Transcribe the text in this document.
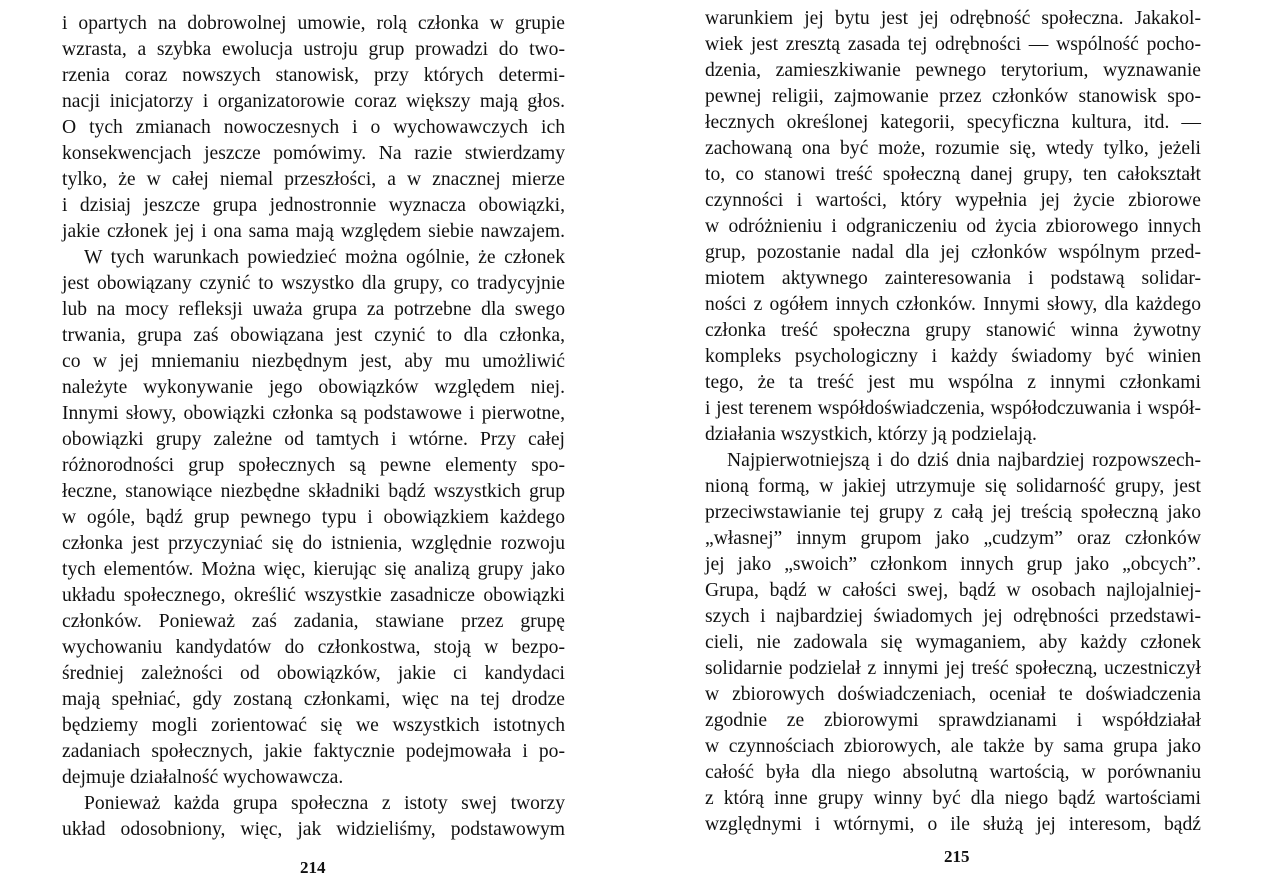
i opartych na dobrowolnej umowie, rolą członka w grupie
wzrasta, a szybka ewolucja ustroju grup prowadzi do two-
rzenia coraz nowszych stanowisk, przy których determi-
nacji inicjatorzy i organizatorowie coraz większy mają głos.
O tych zmianach nowoczesnych i o wychowawczych ich
konsekwencjach jeszcze pomówimy. Na razie stwierdzamy
tylko, że w całej niemal przeszłości, a w znacznej mierze
i dzisiaj jeszcze grupa jednostronnie wyznacza obowiązki,
jakie członek jej i ona sama mają względem siebie nawzajem.
W tych warunkach powiedzieć można ogólnie, że członek
jest obowiązany czynić to wszystko dla grupy, co tradycyjnie
lub na mocy refleksji uważa grupa za potrzebne dla swego
trwania, grupa zaś obowiązana jest czynić to dla członka,
co w jej mniemaniu niezbędnym jest, aby mu umożliwić
należyte wykonywanie jego obowiązków względem niej.
Innymi słowy, obowiązki członka są podstawowe i pierwotne,
obowiązki grupy zależne od tamtych i wtórne. Przy całej
różnorodności grup społecznych są pewne elementy spo-
łeczne, stanowiące niezbędne składniki bądź wszystkich grup
w ogóle, bądź grup pewnego typu i obowiązkiem każdego
członka jest przyczyniać się do istnienia, względnie rozwoju
tych elementów. Można więc, kierując się analizą grupy jako
układu społecznego, określić wszystkie zasadnicze obowiązki
członków. Ponieważ zaś zadania, stawiane przez grupę
wychowaniu kandydatów do członkostwa, stoją w bezpo-
średniej zależności od obowiązków, jakie ci kandydaci
mają spełniać, gdy zostaną członkami, więc na tej drodze
będziemy mogli zorientować się we wszystkich istotnych
zadaniach społecznych, jakie faktycznie podejmowała i po-
dejmuje działalność wychowawcza.
Ponieważ każda grupa społeczna z istoty swej tworzy
układ odosobniony, więc, jak widzieliśmy, podstawowym
214
warunkiem jej bytu jest jej odrębność społeczna. Jakakol-
wiek jest zresztą zasada tej odrębności — wspólność pocho-
dzenia, zamieszkiwanie pewnego terytorium, wyznawanie
pewnej religii, zajmowanie przez członków stanowisk spo-
łecznych określonej kategorii, specyficzna kultura, itd. —
zachowaną ona być może, rozumie się, wtedy tylko, jeżeli
to, co stanowi treść społeczną danej grupy, ten całokształt
czynności i wartości, który wypełnia jej życie zbiorowe
w odróżnieniu i odgraniczeniu od życia zbiorowego innych
grup, pozostanie nadal dla jej członków wspólnym przed-
miotem aktywnego zainteresowania i podstawą solidar-
ności z ogółem innych członków. Innymi słowy, dla każdego
członka treść społeczna grupy stanowić winna żywotny
kompleks psychologiczny i każdy świadomy być winien
tego, że ta treść jest mu wspólna z innymi członkami
i jest terenem współdoświadczenia, współodczuwania i współ-
działania wszystkich, którzy ją podzielają.
Najpierwotniejszą i do dziś dnia najbardziej rozpowszech-
nioną formą, w jakiej utrzymuje się solidarność grupy, jest
przeciwstawianie tej grupy z całą jej treścią społeczną jako
„własnej” innym grupom jako „cudzym” oraz członków
jej jako „swoich” członkom innych grup jako „obcych”.
Grupa, bądź w całości swej, bądź w osobach najlojalniej-
szych i najbardziej świadomych jej odrębności przedstawi-
cieli, nie zadowala się wymaganiem, aby każdy członek
solidarnie podzielał z innymi jej treść społeczną, uczestniczył
w zbiorowych doświadczeniach, oceniał te doświadczenia
zgodnie ze zbiorowymi sprawdzianami i współdziałał
w czynnościach zbiorowych, ale także by sama grupa jako
całość była dla niego absolutną wartością, w porównaniu
z którą inne grupy winny być dla niego bądź wartościami
względnymi i wtórnymi, o ile służą jej interesom, bądź
215
